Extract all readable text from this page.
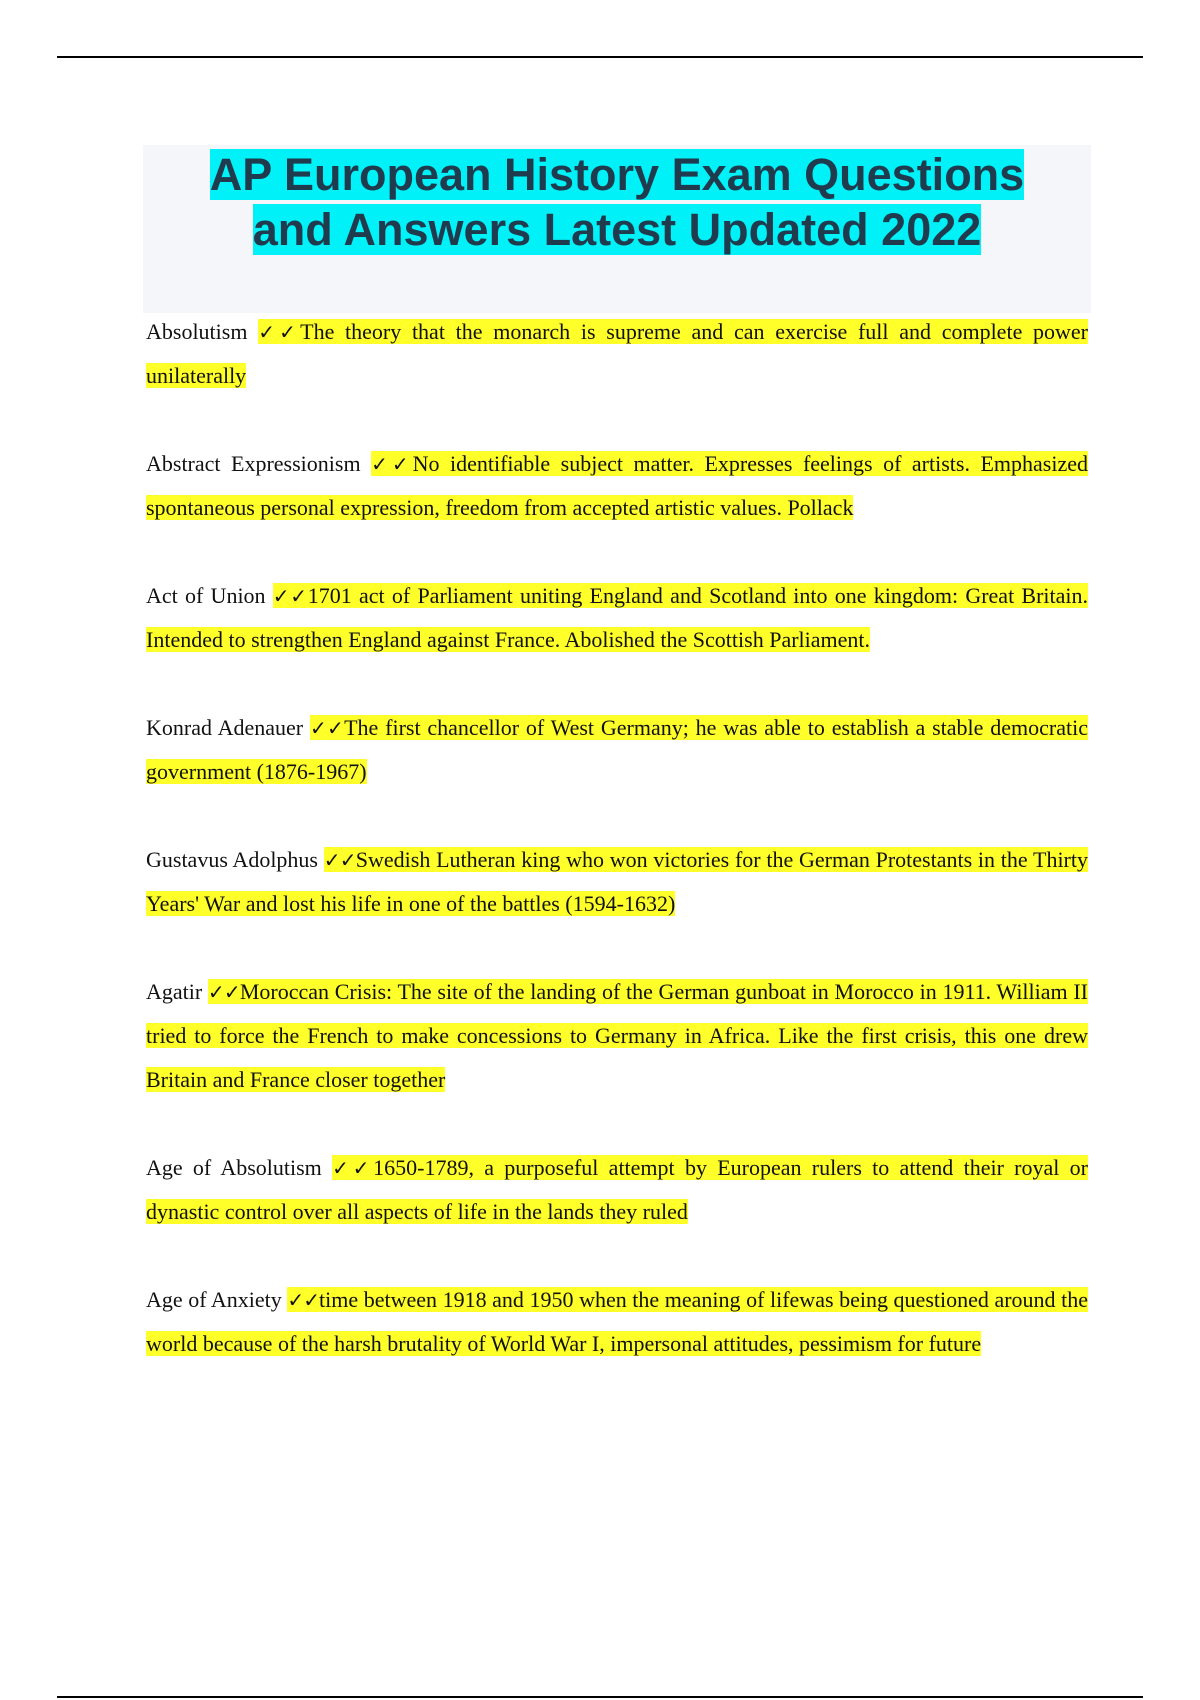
AP European History Exam Questions
and Answers Latest Updated 2022

Absolutism ✓✓The theory that the monarch is supreme and can exercise full and complete power unilaterally

Abstract Expressionism ✓✓No identifiable subject matter. Expresses feelings of artists. Emphasized spontaneous personal expression, freedom from accepted artistic values. Pollack

Act of Union ✓✓1701 act of Parliament uniting England and Scotland into one kingdom: Great Britain. Intended to strengthen England against France. Abolished the Scottish Parliament.

Konrad Adenauer ✓✓The first chancellor of West Germany; he was able to establish a stable democratic government (1876-1967)

Gustavus Adolphus ✓✓Swedish Lutheran king who won victories for the German Protestants in the Thirty Years' War and lost his life in one of the battles (1594-1632)

Agatir ✓✓Moroccan Crisis: The site of the landing of the German gunboat in Morocco in 1911. William II tried to force the French to make concessions to Germany in Africa. Like the first crisis, this one drew Britain and France closer together

Age of Absolutism ✓✓1650-1789, a purposeful attempt by European rulers to attend their royal or dynastic control over all aspects of life in the lands they ruled

Age of Anxiety ✓✓time between 1918 and 1950 when the meaning of lifewas being questioned around the world because of the harsh brutality of World War I, impersonal attitudes, pessimism for future
